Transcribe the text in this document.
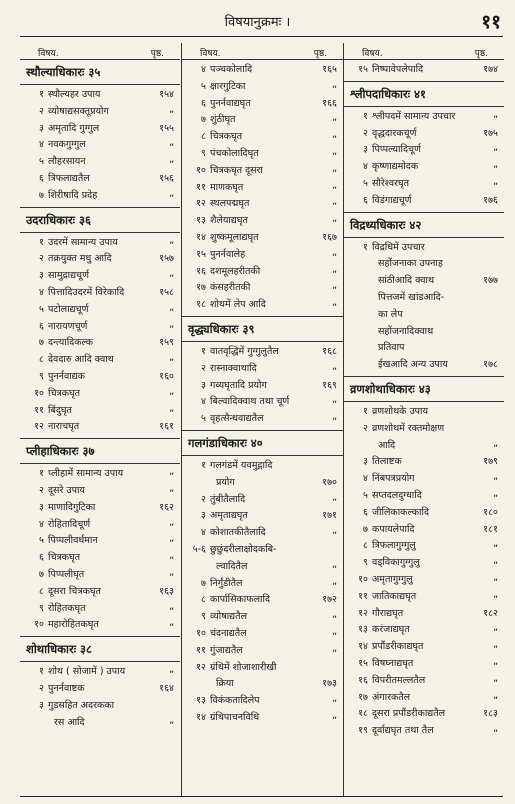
विषयानुक्रमः ।	११
विषय.	पृष्ठ.
स्थौल्याधिकारः ३५
१ स्थौल्यहर उपाय	१५४
२ व्योषाद्यसक्तूप्रयोग	„
३ अमृतादि गुग्गुल	१५५
४ नवकगुग्गुल	„
५ लौहरसायन	„
६ त्रिफलाद्यतैल	१५६
७ शिरीषादि प्रदेह	„
उदराधिकारः ३६
१ उदरमें सामान्य उपाय	„
२ तक्रयुक्त मधु आदि	१५७
३ सामुद्राद्यचूर्ण	„
४ पित्तादिउदरमें विरेकादि	१५८
५ पटोलाद्यचूर्ण	„
६ नारायणचूर्ण	„
७ दन्त्यादिकल्क	१५९
८ देवदारु आदि क्वाथ	„
९ पुनर्नवाद्यक	१६०
१० चित्रकघृत	„
११ बिंदुघृत	„
१२ नाराचघृत	१६१
प्लीहाधिकारः ३७
१ प्लीहामें सामान्य उपाय	„
२ दूसरे उपाय	„
३ माणादिगुटिका	१६२
४ रोहितादिचूर्ण	„
५ पिप्पलीवर्धमान	„
६ चित्रकघृत	„
७ पिप्पलीघृत	„
८ दूसरा चित्रकघृत	१६३
९ रोहितकघृत	„
१० महारोहितकघृत	„
शोथाधिकारः ३८
१ शोथ ( सोजामें ) उपाय	„
२ पुनर्नवाष्टक	१६४
३ गुडसहित अदरकका
रस आदि	„
विषय.	पृष्ठ.
४ पञ्चकोलादि	१६५
५ क्षारगुटिका	„
६ पुनर्नवाद्यघृत	१६६
७ शुंठीघृत	„
८ चित्रकघृत	„
९ पंचकोलादिघृत	„
१० चित्रकघृत दूसरा	„
११ माणकघृत	„
१२ स्थलपद्मघृत	„
१३ शैलेयाद्यघृत	„
१४ शुष्कमूलाद्यघृत	१६७
१५ पुनर्नवालेह	„
१६ दशमूलहरीतकी	„
१७ कंसहरीतकी	„
१८ शोथमें लेप आदि	„
वृद्ध्यधिकारः ३९
१ वातवृद्धिमें गुग्गुलुतैल	१६८
२ रास्नाक्वाथादि	„
३ गव्यघृतादि प्रयोग	१६९
४ बिल्वादिक्वाथ तथा चूर्ण	„
५ वृहत्सैन्धवाद्यतैल	„
गलगंडाधिकारः ४०
१ गलगंडमें यवमुद्गादि
प्रयोग	१७०
२ तुंबीतैलादि	„
३ अमृताद्यघृत	१७१
४ कोशातकीतैलादि	„
५-६ छुछुंदरीलाक्षोदकबि-
ल्वादितैल	„
७ निर्गुंडीतैल	„
८ कार्पासिकाफलादि	१७२
९ व्योषाद्यतैल	„
१० चंदनाद्यतैल	„
११ गुंजाद्यतैल	„
१२ ग्रंथिमें शोजाशारीखी
क्रिया	१७३
१३ विकंकतादिलेप	„
१४ ग्रंथिपाचनविधि	„
विषय.	पृष्ठ.
१५ निष्पावेपलेपादि	१७४
श्लीपदाधिकारः ४१
१ श्लीपदमें सामान्य उपचार	„
२ वृद्धदारकचूर्ण	१७५
३ पिप्पल्यादिचूर्ण	„
४ कृष्णाद्यमोदक	„
५ सौरेश्वरघृत	„
६ विडंगाद्यचूर्ण	१७६
विद्रध्यधिकारः ४२
१ विद्रधिमें उपचार
सहोंजनाका उपनाह
सांठीआदि क्वाथ	१७७
पित्तजमें खांडआदि-
का लेप
सहोंजनादिक्वाथ
प्रतिवाप
ईखआदि अन्य उपाय	१७८
व्रणशोथाधिकारः ४३
१ व्रणशोथके उपाय
२ व्रणशोथमें रक्तमोक्षण
आदि	„
३ तिलाष्टक	१७९
४ निंबपत्रप्रयोग	„
५ सप्तदलदुग्धादि	„
६ जीलिकाकल्कादि	१८०
७ कपायलेपादि	१८१
८ त्रिफलागुग्गुलु	„
९ वड्विकागुग्गुलु	„
१० अमृतागुग्गुलु	„
११ जातिकाद्यघृत	„
१२ गौराद्यघृत	१८२
१३ करंजाद्यघृत	„
१४ प्रपौंडरीकाद्यघृत	„
१५ विषघ्नाद्यघृत	„
१६ विपरीतमल्लतैल	„
१७ अंगारकतैल	„
१८ दूसरा प्रपौंडरीकाद्यतैल	१८३
१९ दूर्वाद्यघृत तथा तैल	„
